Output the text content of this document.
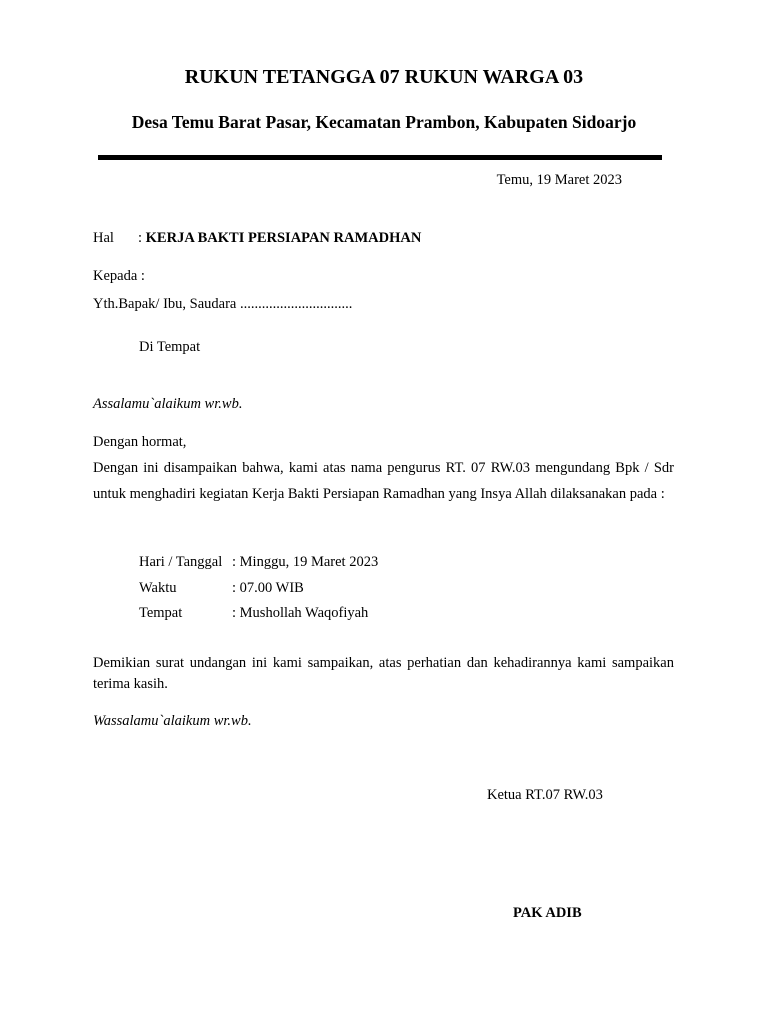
RUKUN TETANGGA 07 RUKUN WARGA 03
Desa Temu Barat Pasar, Kecamatan Prambon, Kabupaten Sidoarjo
Temu, 19 Maret 2023
Hal : KERJA BAKTI PERSIAPAN RAMADHAN
Kepada :
Yth.Bapak/ Ibu, Saudara ...............................
Di Tempat
Assalamu`alaikum wr.wb.
Dengan hormat,
Dengan ini disampaikan bahwa, kami atas nama pengurus RT. 07 RW.03 mengundang Bpk / Sdr untuk menghadiri kegiatan Kerja Bakti Persiapan Ramadhan yang Insya Allah dilaksanakan pada :
Hari / Tanggal : Minggu, 19 Maret 2023
Waktu	: 07.00 WIB
Tempat	: Mushollah Waqofiyah
Demikian surat undangan ini kami sampaikan, atas perhatian dan kehadirannya kami sampaikan terima kasih.
Wassalamu`alaikum wr.wb.
Ketua RT.07 RW.03
PAK ADIB
